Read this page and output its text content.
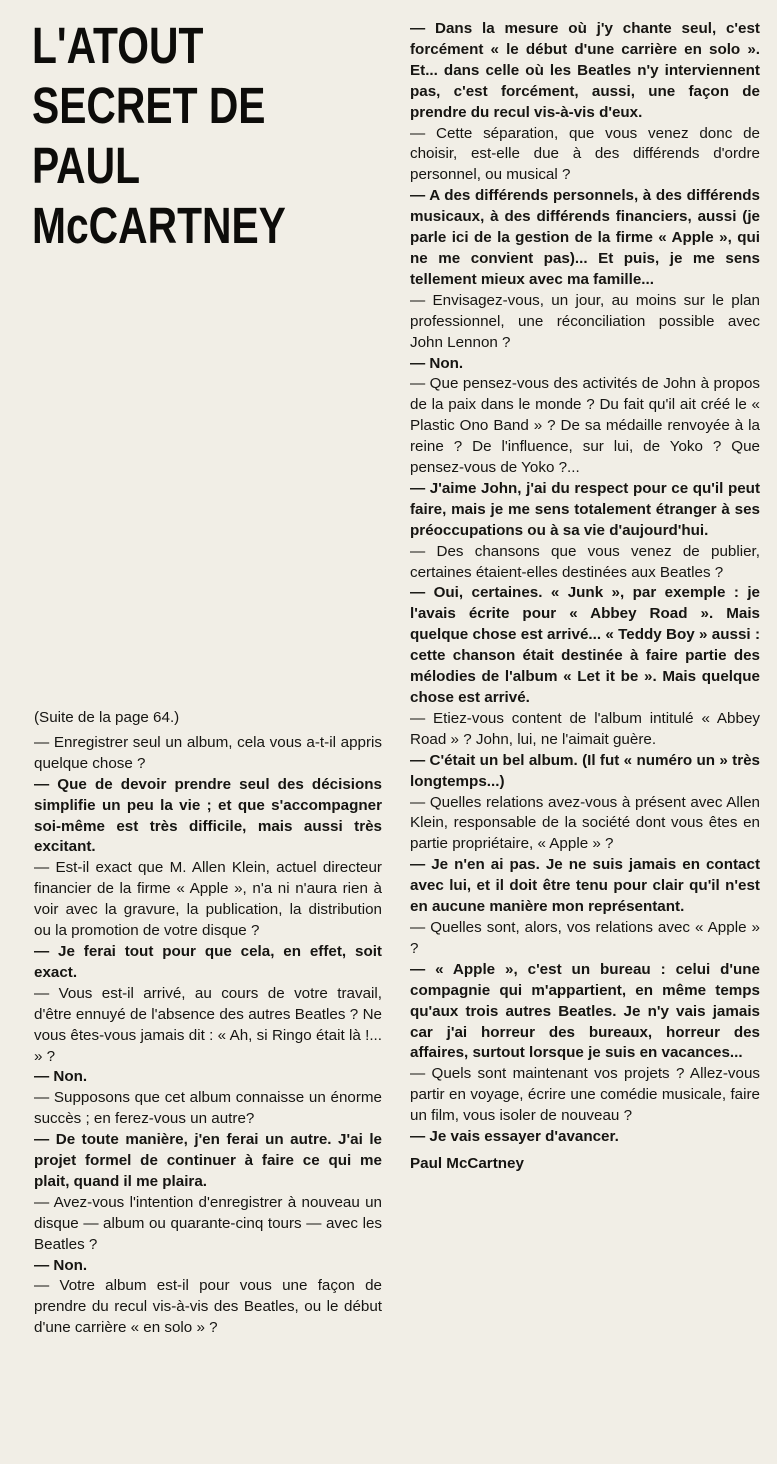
L'ATOUT
SECRET DE
PAUL
McCARTNEY

(Suite de la page 64.)

— Enregistrer seul un album, cela vous a-t-il appris quelque chose ?

— Que de devoir prendre seul des décisions simplifie un peu la vie ; et que s'accompagner soi-même est très difficile, mais aussi très excitant.

— Est-il exact que M. Allen Klein, actuel directeur financier de la firme « Apple », n'a ni n'aura rien à voir avec la gravure, la publication, la distribution ou la promotion de votre disque ?

— Je ferai tout pour que cela, en effet, soit exact.

— Vous est-il arrivé, au cours de votre travail, d'être ennuyé de l'absence des autres Beatles ? Ne vous êtes-vous jamais dit : « Ah, si Ringo était là !... » ?

— Non.

— Supposons que cet album connaisse un énorme succès ; en ferez-vous un autre?

— De toute manière, j'en ferai un autre. J'ai le projet formel de continuer à faire ce qui me plait, quand il me plaira.

— Avez-vous l'intention d'enregistrer à nouveau un disque — album ou quarante-cinq tours — avec les Beatles ?

— Non.

— Votre album est-il pour vous une façon de prendre du recul vis-à-vis des Beatles, ou le début d'une carrière « en solo » ?

— Dans la mesure où j'y chante seul, c'est forcément « le début d'une carrière en solo ». Et... dans celle où les Beatles n'y interviennent pas, c'est forcément, aussi, une façon de prendre du recul vis-à-vis d'eux.

— Cette séparation, que vous venez donc de choisir, est-elle due à des différends d'ordre personnel, ou musical ?

— A des différends personnels, à des différends musicaux, à des différends financiers, aussi (je parle ici de la gestion de la firme « Apple », qui ne me convient pas)... Et puis, je me sens tellement mieux avec ma famille...

— Envisagez-vous, un jour, au moins sur le plan professionnel, une réconciliation possible avec John Lennon ?

— Non.

— Que pensez-vous des activités de John à propos de la paix dans le monde ? Du fait qu'il ait créé le « Plastic Ono Band » ? De sa médaille renvoyée à la reine ? De l'influence, sur lui, de Yoko ? Que pensez-vous de Yoko ?...

— J'aime John, j'ai du respect pour ce qu'il peut faire, mais je me sens totalement étranger à ses préoccupations ou à sa vie d'aujourd'hui.

— Des chansons que vous venez de publier, certaines étaient-elles destinées aux Beatles ?

— Oui, certaines. « Junk », par exemple : je l'avais écrite pour « Abbey Road ». Mais quelque chose est arrivé... « Teddy Boy » aussi : cette chanson était destinée à faire partie des mélodies de l'album « Let it be ». Mais quelque chose est arrivé.

— Etiez-vous content de l'album intitulé « Abbey Road » ? John, lui, ne l'aimait guère.

— C'était un bel album. (Il fut « numéro un » très longtemps...)

— Quelles relations avez-vous à présent avec Allen Klein, responsable de la société dont vous êtes en partie propriétaire, « Apple » ?

— Je n'en ai pas. Je ne suis jamais en contact avec lui, et il doit être tenu pour clair qu'il n'est en aucune manière mon représentant.

— Quelles sont, alors, vos relations avec « Apple » ?

— « Apple », c'est un bureau : celui d'une compagnie qui m'appartient, en même temps qu'aux trois autres Beatles. Je n'y vais jamais car j'ai horreur des bureaux, horreur des affaires, surtout lorsque je suis en vacances...

— Quels sont maintenant vos projets ? Allez-vous partir en voyage, écrire une comédie musicale, faire un film, vous isoler de nouveau ?

— Je vais essayer d'avancer.

Paul McCartney
